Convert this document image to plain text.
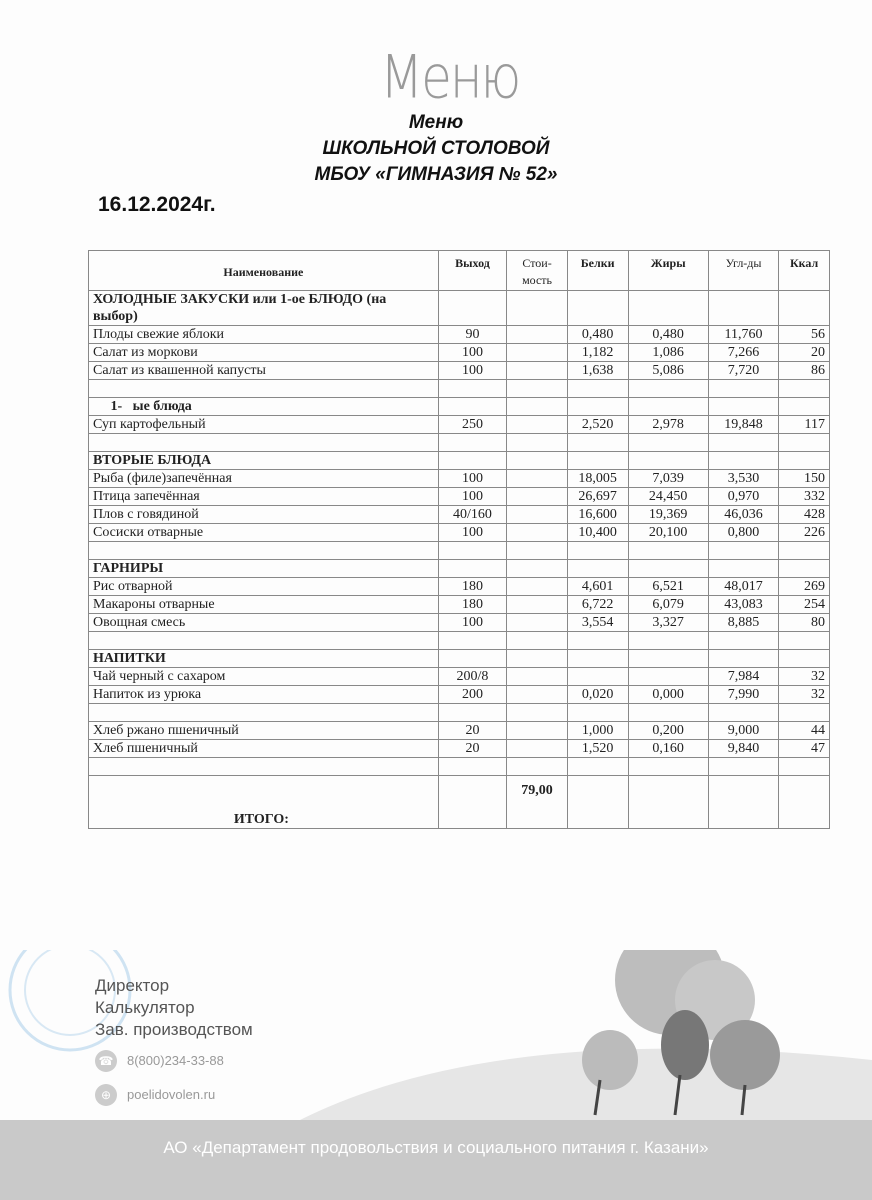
Меню
Меню
ШКОЛЬНОЙ СТОЛОВОЙ
МБОУ «ГИМНАЗИЯ № 52»
16.12.2024г.
Наименование	Выход	Стои-мость	Белки	Жиры	Угл-ды	Ккал
ХОЛОДНЫЕ ЗАКУСКИ или 1-ое БЛЮДО (на выбор)						
Плоды свежие яблоки	90		0,480	0,480	11,760	56
Салат из моркови	100		1,182	1,086	7,266	20
Салат из квашенной капусты	100		1,638	5,086	7,720	86

1-   ые блюда						
Суп картофельный	250		2,520	2,978	19,848	117

ВТОРЫЕ БЛЮДА						
Рыба (филе)запечённая	100		18,005	7,039	3,530	150
Птица запечённая	100		26,697	24,450	0,970	332
Плов с говядиной	40/160		16,600	19,369	46,036	428
Сосиски отварные	100		10,400	20,100	0,800	226

ГАРНИРЫ						
Рис отварной	180		4,601	6,521	48,017	269
Макароны отварные	180		6,722	6,079	43,083	254
Овощная смесь	100		3,554	3,327	8,885	80

НАПИТКИ						
Чай черный с сахаром	200/8				7,984	32
Напиток из урюка	200		0,020	0,000	7,990	32

Хлеб ржано пшеничный	20		1,000	0,200	9,000	44
Хлеб пшеничный	20		1,520	0,160	9,840	47

ИТОГО:		79,00				
Директор
Калькулятор
Зав. производством
☎ 8(800)234-33-88
⊕ poelidovolen.ru
АО «Департамент продовольствия и социального питания г. Казани»
